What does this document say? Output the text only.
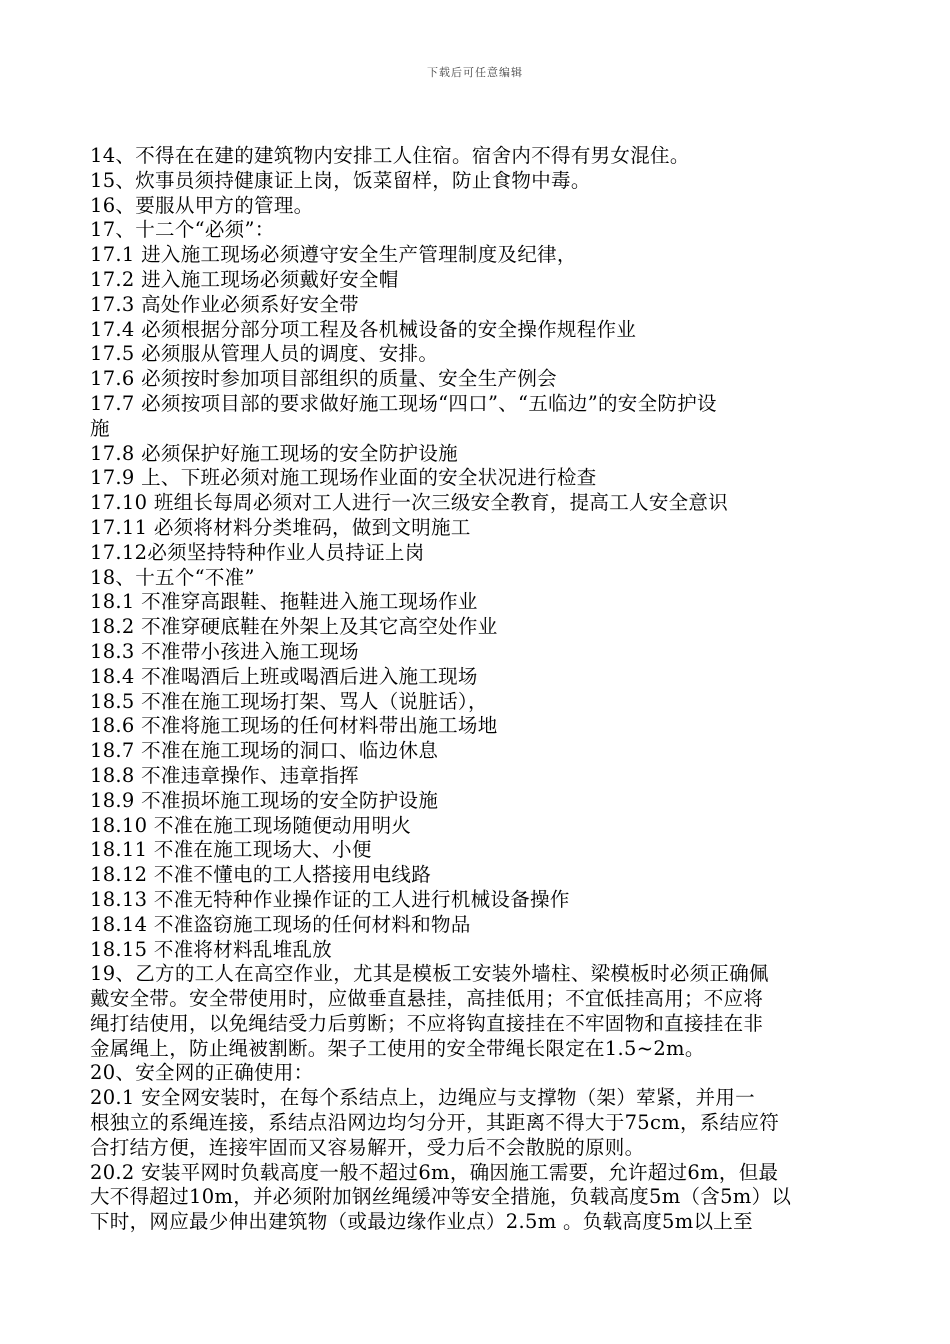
下载后可任意编辑
14、不得在在建的建筑物内安排工人住宿。宿舍内不得有男女混住。
15、炊事员须持健康证上岗，饭菜留样，防止食物中毒。
16、要服从甲方的管理。
17、十二个“必须”：
17.1 进入施工现场必须遵守安全生产管理制度及纪律，
17.2 进入施工现场必须戴好安全帽
17.3 高处作业必须系好安全带
17.4 必须根据分部分项工程及各机械设备的安全操作规程作业
17.5 必须服从管理人员的调度、安排。
17.6 必须按时参加项目部组织的质量、安全生产例会
17.7 必须按项目部的要求做好施工现场“四口”、“五临边”的安全防护设
施
17.8 必须保护好施工现场的安全防护设施
17.9 上、下班必须对施工现场作业面的安全状况进行检查
17.10 班组长每周必须对工人进行一次三级安全教育，提高工人安全意识
17.11 必须将材料分类堆码，做到文明施工
17.12必须坚持特种作业人员持证上岗
18、十五个“不准”
18.1 不准穿高跟鞋、拖鞋进入施工现场作业
18.2 不准穿硬底鞋在外架上及其它高空处作业
18.3 不准带小孩进入施工现场
18.4 不准喝酒后上班或喝酒后进入施工现场
18.5 不准在施工现场打架、骂人（说脏话），
18.6 不准将施工现场的任何材料带出施工场地
18.7 不准在施工现场的洞口、临边休息
18.8 不准违章操作、违章指挥
18.9 不准损坏施工现场的安全防护设施
18.10 不准在施工现场随便动用明火
18.11 不准在施工现场大、小便
18.12 不准不懂电的工人搭接用电线路
18.13 不准无特种作业操作证的工人进行机械设备操作
18.14 不准盗窃施工现场的任何材料和物品
18.15 不准将材料乱堆乱放
19、乙方的工人在高空作业，尤其是模板工安装外墙柱、梁模板时必须正确佩
戴安全带。安全带使用时，应做垂直悬挂，高挂低用；不宜低挂高用；不应将
绳打结使用，以免绳结受力后剪断；不应将钩直接挂在不牢固物和直接挂在非
金属绳上，防止绳被割断。架子工使用的安全带绳长限定在1.5~2m。
20、安全网的正确使用：
20.1 安全网安装时，在每个系结点上，边绳应与支撑物（架）荤紧，并用一
根独立的系绳连接，系结点沿网边均匀分开，其距离不得大于75cm，系结应符
合打结方便，连接牢固而又容易解开，受力后不会散脱的原则。
20.2 安装平网时负载高度一般不超过6m，确因施工需要，允许超过6m，但最
大不得超过10m，并必须附加钢丝绳缓冲等安全措施，负载高度5m（含5m）以
下时，网应最少伸出建筑物（或最边缘作业点）2.5m 。负载高度5m以上至
